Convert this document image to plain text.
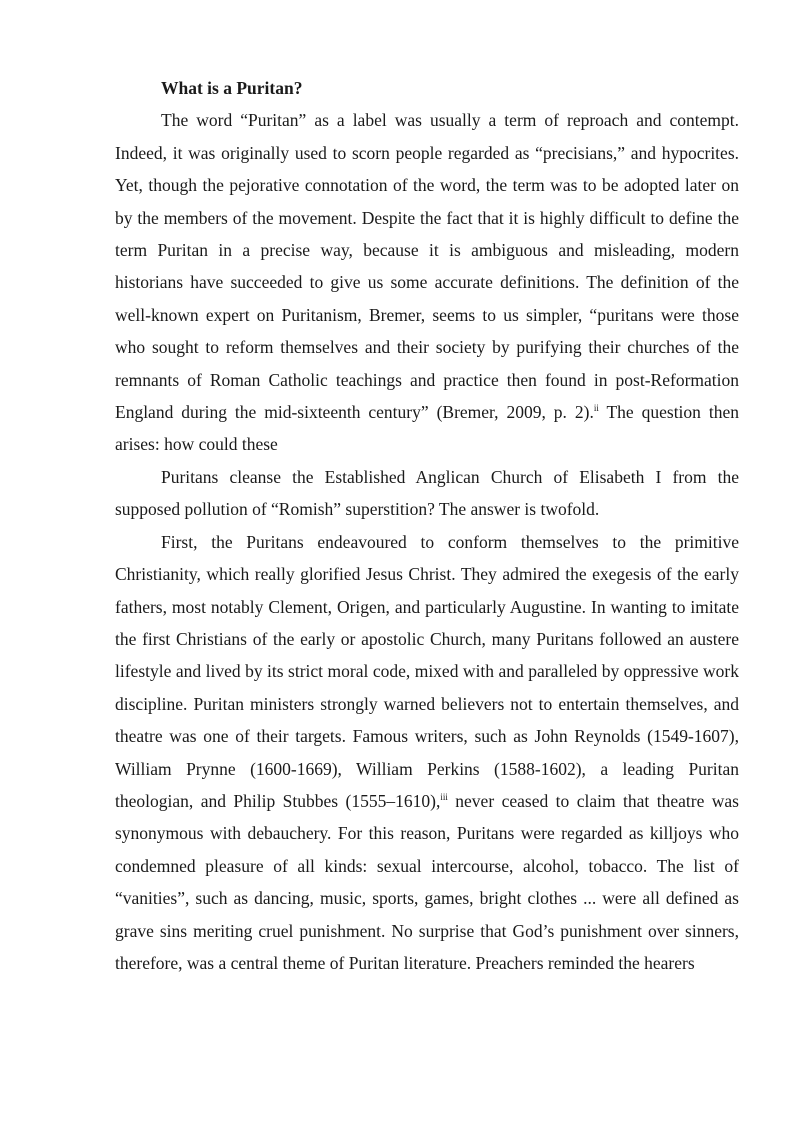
What is a Puritan?

The word “Puritan” as a label was usually a term of reproach and contempt. Indeed, it was originally used to scorn people regarded as “precisians,” and hypocrites. Yet, though the pejorative connotation of the word, the term was to be adopted later on by the members of the movement. Despite the fact that it is highly difficult to define the term Puritan in a precise way, because it is ambiguous and misleading, modern historians have succeeded to give us some accurate definitions. The definition of the well-known expert on Puritanism, Bremer, seems to us simpler, “puritans were those who sought to reform themselves and their society by purifying their churches of the remnants of Roman Catholic teachings and practice then found in post-Reformation England during the mid-sixteenth century” (Bremer, 2009, p. 2).$^{ii}$ The question then arises: how could these

Puritans cleanse the Established Anglican Church of Elisabeth I from the supposed pollution of “Romish” superstition? The answer is twofold.

First, the Puritans endeavoured to conform themselves to the primitive Christianity, which really glorified Jesus Christ. They admired the exegesis of the early fathers, most notably Clement, Origen, and particularly Augustine. In wanting to imitate the first Christians of the early or apostolic Church, many Puritans followed an austere lifestyle and lived by its strict moral code, mixed with and paralleled by oppressive work discipline. Puritan ministers strongly warned believers not to entertain themselves, and theatre was one of their targets. Famous writers, such as John Reynolds (1549-1607), William Prynne (1600-1669), William Perkins (1588-1602), a leading Puritan theologian, and Philip Stubbes (1555–1610),$^{iii}$ never ceased to claim that theatre was synonymous with debauchery. For this reason, Puritans were regarded as killjoys who condemned pleasure of all kinds: sexual intercourse, alcohol, tobacco. The list of “vanities”, such as dancing, music, sports, games, bright clothes ... were all defined as grave sins meriting cruel punishment. No surprise that God’s punishment over sinners, therefore, was a central theme of Puritan literature. Preachers reminded the hearers
